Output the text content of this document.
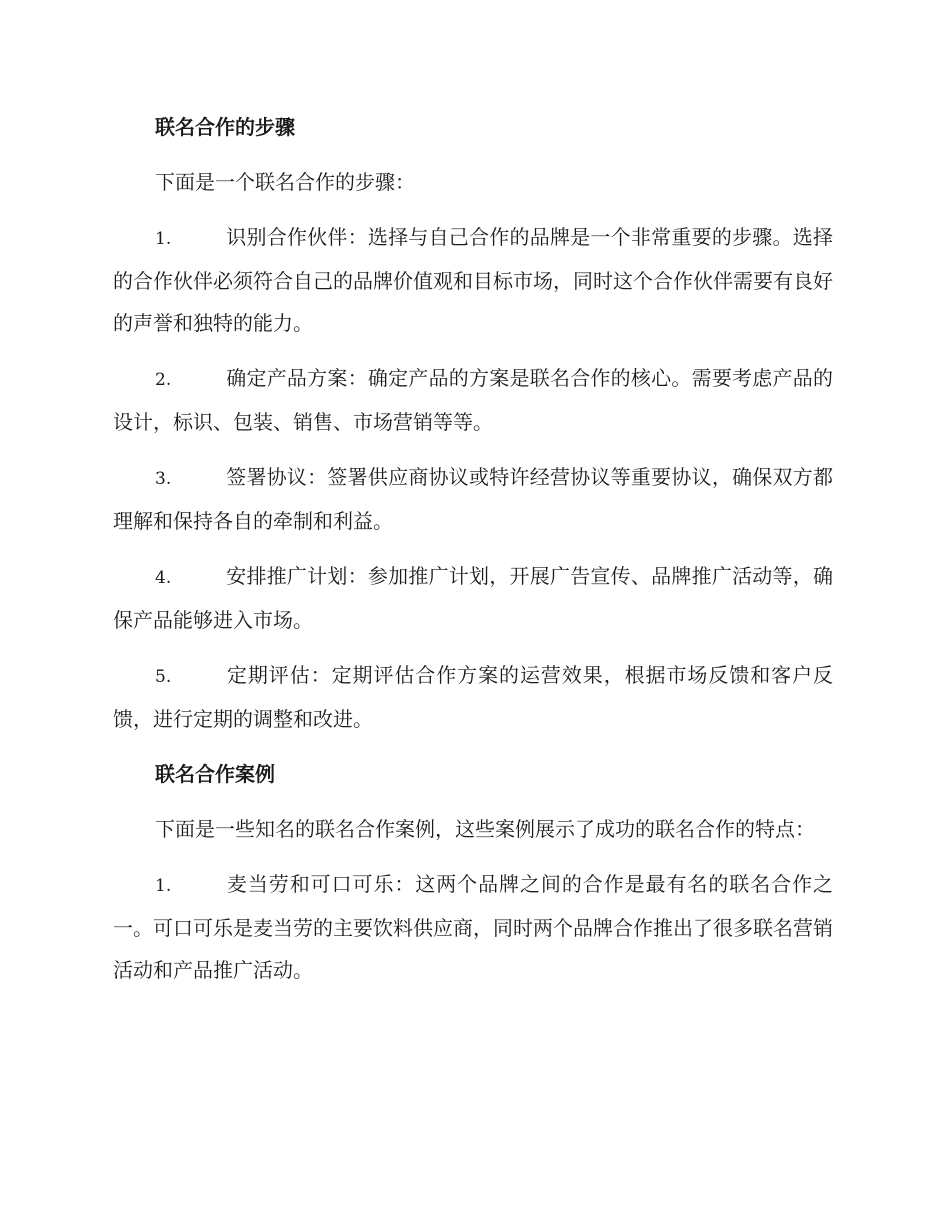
联名合作的步骤
下面是一个联名合作的步骤：
1.	识别合作伙伴：选择与自己合作的品牌是一个非常重要的步骤。选择的合作伙伴必须符合自己的品牌价值观和目标市场，同时这个合作伙伴需要有良好的声誉和独特的能力。
2.	确定产品方案：确定产品的方案是联名合作的核心。需要考虑产品的设计，标识、包装、销售、市场营销等等。
3.	签署协议：签署供应商协议或特许经营协议等重要协议，确保双方都理解和保持各自的牵制和利益。
4.	安排推广计划：参加推广计划，开展广告宣传、品牌推广活动等，确保产品能够进入市场。
5.	定期评估：定期评估合作方案的运营效果，根据市场反馈和客户反馈，进行定期的调整和改进。
联名合作案例
下面是一些知名的联名合作案例，这些案例展示了成功的联名合作的特点：
1.	麦当劳和可口可乐：这两个品牌之间的合作是最有名的联名合作之一。可口可乐是麦当劳的主要饮料供应商，同时两个品牌合作推出了很多联名营销活动和产品推广活动。
